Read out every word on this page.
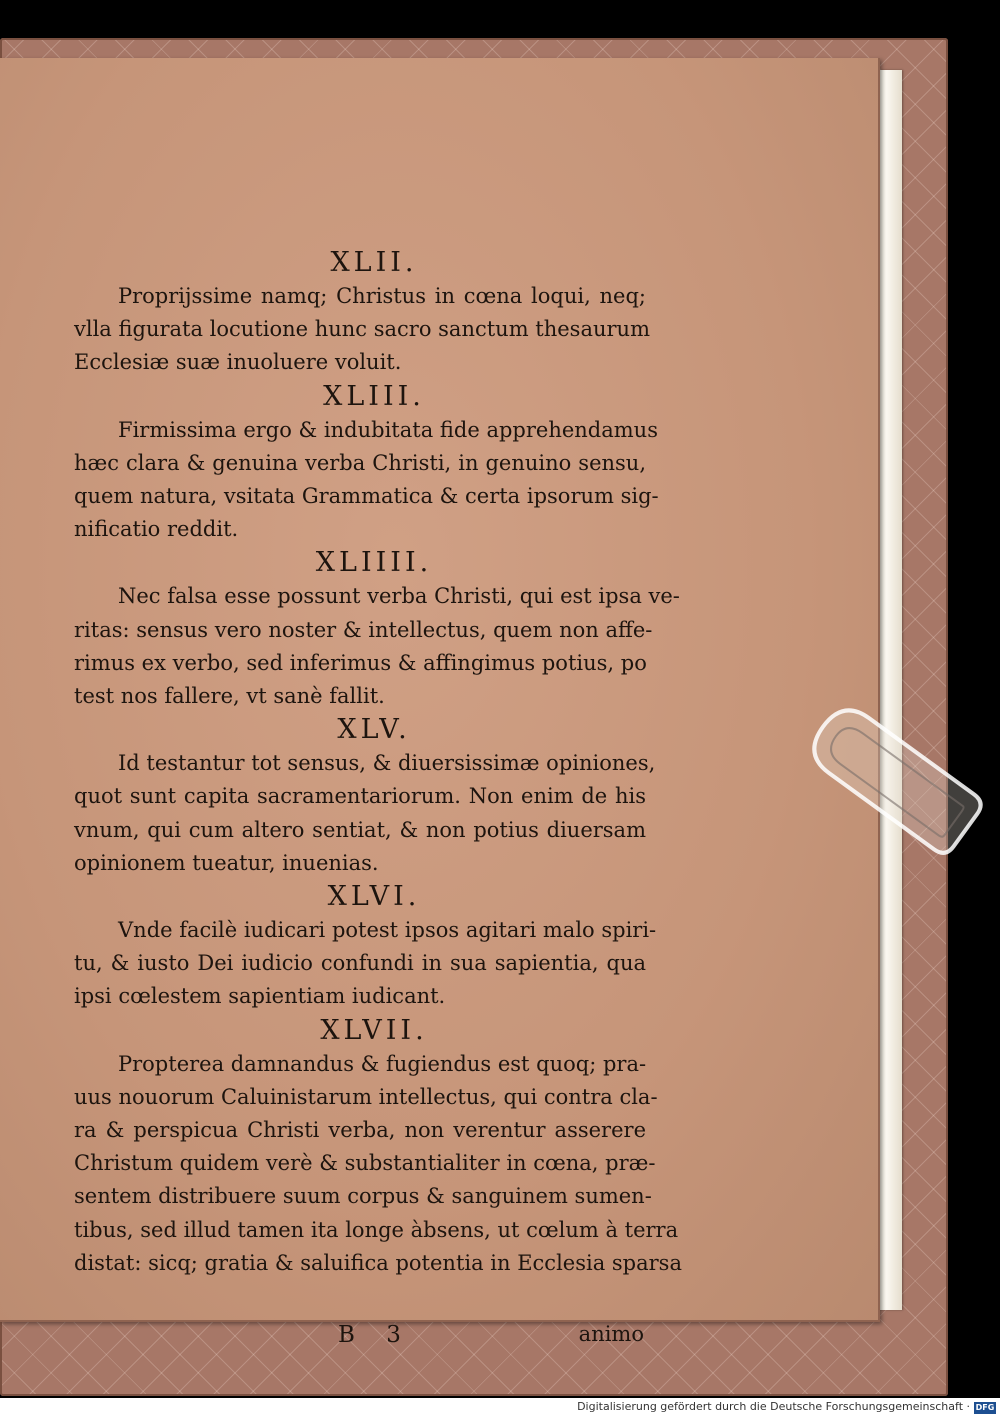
XLII.
Proprijssime namq; Christus in cœna loqui, neq;
vlla figurata locutione hunc sacro sanctum thesaurum
Ecclesiæ suæ inuoluere voluit.
XLIII.
Firmissima ergo & indubitata fide apprehendamus
hæc clara & genuina verba Christi, in genuino sensu,
quem natura, vsitata Grammatica & certa ipsorum sig-
nificatio reddit.
XLIIII.
Nec falsa esse possunt verba Christi, qui est ipsa ve-
ritas: sensus vero noster & intellectus, quem non affe-
rimus ex verbo, sed inferimus & affingimus potius, po
test nos fallere, vt sanè fallit.
XLV.
Id testantur tot sensus, & diuersissimæ opiniones,
quot sunt capita sacramentariorum. Non enim de his
vnum, qui cum altero sentiat, & non potius diuersam
opinionem tueatur, inuenias.
XLVI.
Vnde facilè iudicari potest ipsos agitari malo spiri-
tu, & iusto Dei iudicio confundi in sua sapientia, qua
ipsi cœlestem sapientiam iudicant.
XLVII.
Propterea damnandus & fugiendus est quoq; pra-
uus nouorum Caluinistarum intellectus, qui contra cla-
ra & perspicua Christi verba, non verentur asserere
Christum quidem verè & substantialiter in cœna, præ-
sentem distribuere suum corpus & sanguinem sumen-
tibus, sed illud tamen ita longe àbsens, ut cœlum à terra
distat: sicq; gratia & saluifica potentia in Ecclesia sparsa
B 3	animo
Digitalisierung gefördert durch die Deutsche Forschungsgemeinschaft · DFG
